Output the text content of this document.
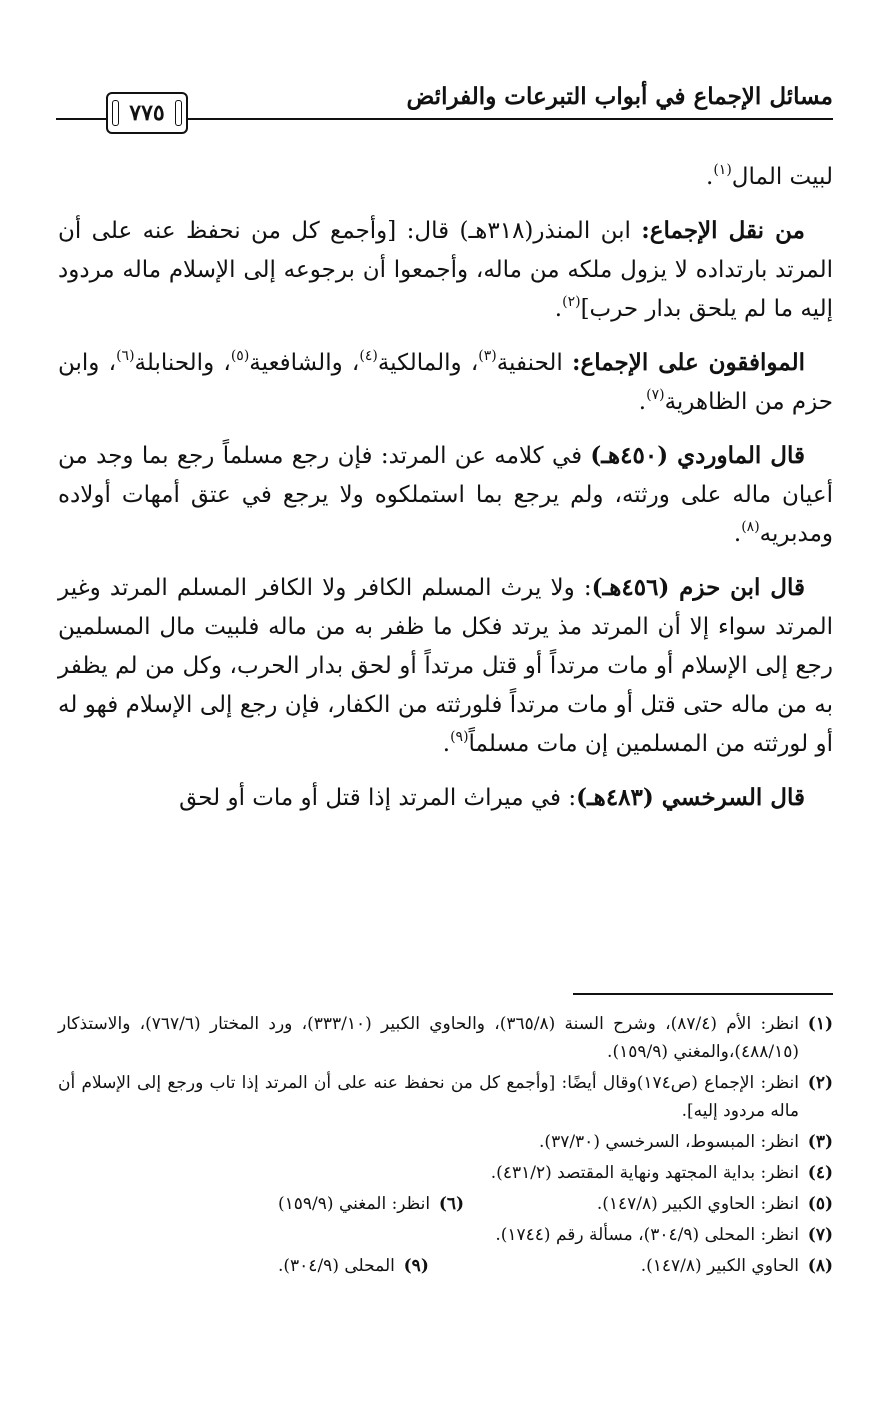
مسائل الإجماع في أبواب التبرعات والفرائض
٧٧٥

لبيت المال$^{(١)}$.

من نقل الإجماع: ابن المنذر(٣١٨هـ) قال: [وأجمع كل من نحفظ عنه على أن المرتد بارتداده لا يزول ملكه من ماله، وأجمعوا أن برجوعه إلى الإسلام ماله مردود إليه ما لم يلحق بدار حرب]$^{(٢)}$.

الموافقون على الإجماع: الحنفية$^{(٣)}$، والمالكية$^{(٤)}$، والشافعية$^{(٥)}$، والحنابلة$^{(٦)}$، وابن حزم من الظاهرية$^{(٧)}$.

قال الماوردي (٤٥٠هـ) في كلامه عن المرتد: فإن رجع مسلماً رجع بما وجد من أعيان ماله على ورثته، ولم يرجع بما استملكوه ولا يرجع في عتق أمهات أولاده ومدبريه$^{(٨)}$.

قال ابن حزم (٤٥٦هـ): ولا يرث المسلم الكافر ولا الكافر المسلم المرتد وغير المرتد سواء إلا أن المرتد مذ يرتد فكل ما ظفر به من ماله فلبيت مال المسلمين رجع إلى الإسلام أو مات مرتداً أو قتل مرتداً أو لحق بدار الحرب، وكل من لم يظفر به من ماله حتى قتل أو مات مرتداً فلورثته من الكفار، فإن رجع إلى الإسلام فهو له أو لورثته من المسلمين إن مات مسلماً$^{(٩)}$.

قال السرخسي (٤٨٣هـ): في ميراث المرتد إذا قتل أو مات أو لحق

(١)
انظر: الأم (٨٧/٤)، وشرح السنة (٣٦٥/٨)، والحاوي الكبير (٣٣٣/١٠)، ورد المختار (٧٦٧/٦)، والاستذكار (٤٨٨/١٥)،والمغني (١٥٩/٩).
(٢)
انظر: الإجماع (ص١٧٤)وقال أيضًا: [وأجمع كل من نحفظ عنه على أن المرتد إذا تاب ورجع إلى الإسلام أن ماله مردود إليه].
(٣)
انظر: المبسوط، السرخسي (٣٧/٣٠).
(٤)
انظر: بداية المجتهد ونهاية المقتصد (٤٣١/٢).
(٥)
انظر: الحاوي الكبير (١٤٧/٨).
(٦)
انظر: المغني (١٥٩/٩)
(٧)
انظر: المحلى (٣٠٤/٩)، مسألة رقم (١٧٤٤).
(٨)
الحاوي الكبير (١٤٧/٨).
(٩)
المحلى (٣٠٤/٩).
